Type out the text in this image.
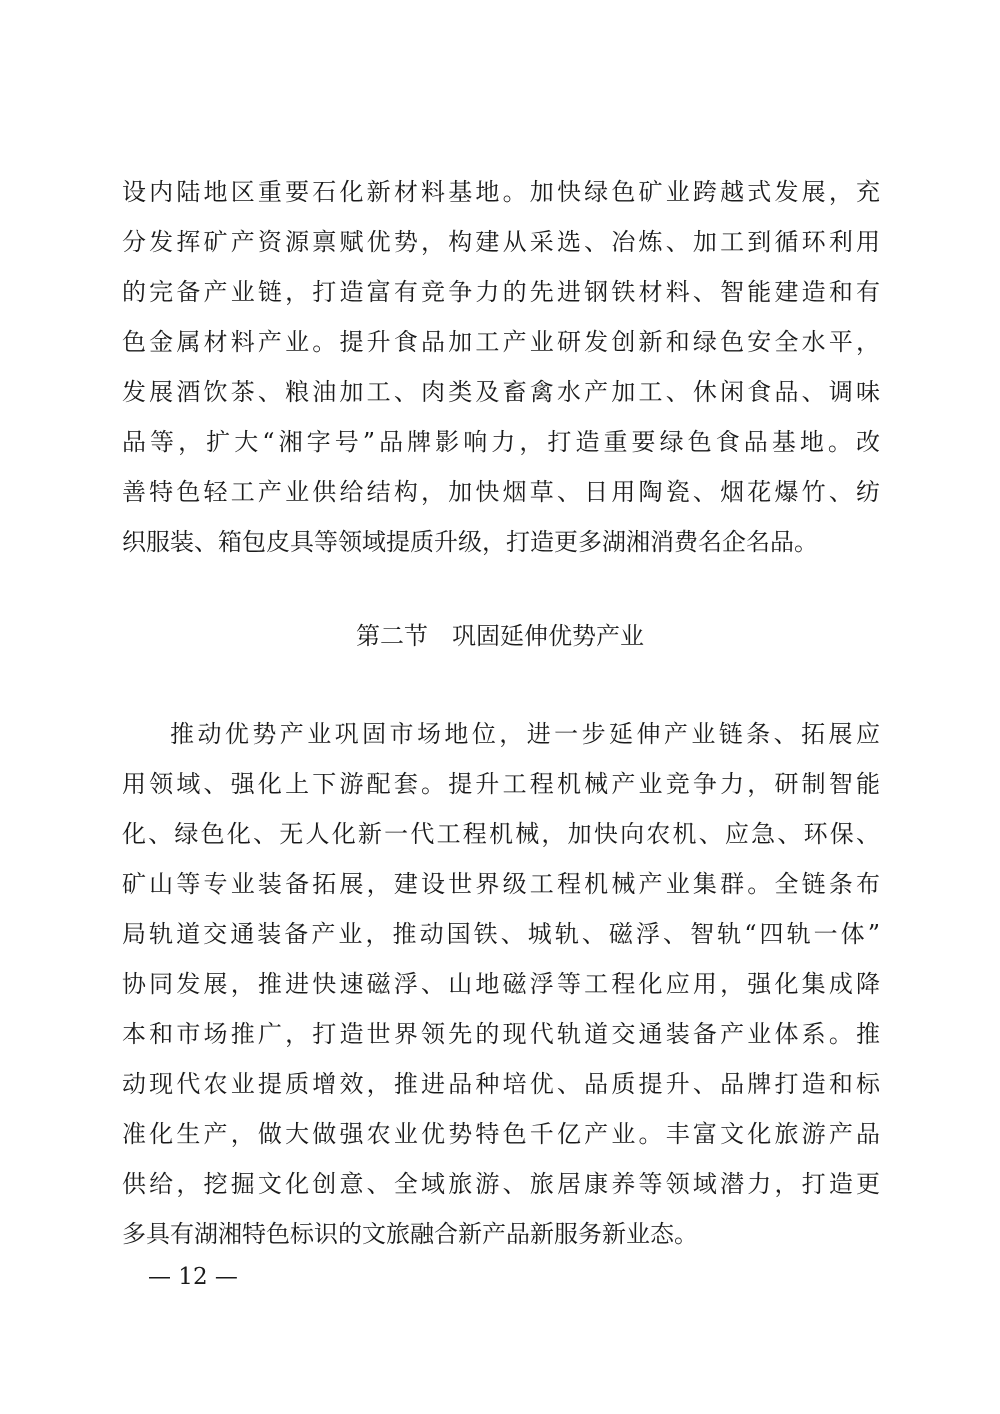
设内陆地区重要石化新材料基地。加快绿色矿业跨越式发展，充

分发挥矿产资源禀赋优势，构建从采选、冶炼、加工到循环利用

的完备产业链，打造富有竞争力的先进钢铁材料、智能建造和有

色金属材料产业。提升食品加工产业研发创新和绿色安全水平，

发展酒饮茶、粮油加工、肉类及畜禽水产加工、休闲食品、调味

品等，扩大“湘字号”品牌影响力，打造重要绿色食品基地。改

善特色轻工产业供给结构，加快烟草、日用陶瓷、烟花爆竹、纺

织服装、箱包皮具等领域提质升级，打造更多湖湘消费名企名品。

第二节　巩固延伸优势产业

推动优势产业巩固市场地位，进一步延伸产业链条、拓展应

用领域、强化上下游配套。提升工程机械产业竞争力，研制智能

化、绿色化、无人化新一代工程机械，加快向农机、应急、环保、

矿山等专业装备拓展，建设世界级工程机械产业集群。全链条布

局轨道交通装备产业，推动国铁、城轨、磁浮、智轨“四轨一体”

协同发展，推进快速磁浮、山地磁浮等工程化应用，强化集成降

本和市场推广，打造世界领先的现代轨道交通装备产业体系。推

动现代农业提质增效，推进品种培优、品质提升、品牌打造和标

准化生产，做大做强农业优势特色千亿产业。丰富文化旅游产品

供给，挖掘文化创意、全域旅游、旅居康养等领域潜力，打造更

多具有湖湘特色标识的文旅融合新产品新服务新业态。

— 12 —
